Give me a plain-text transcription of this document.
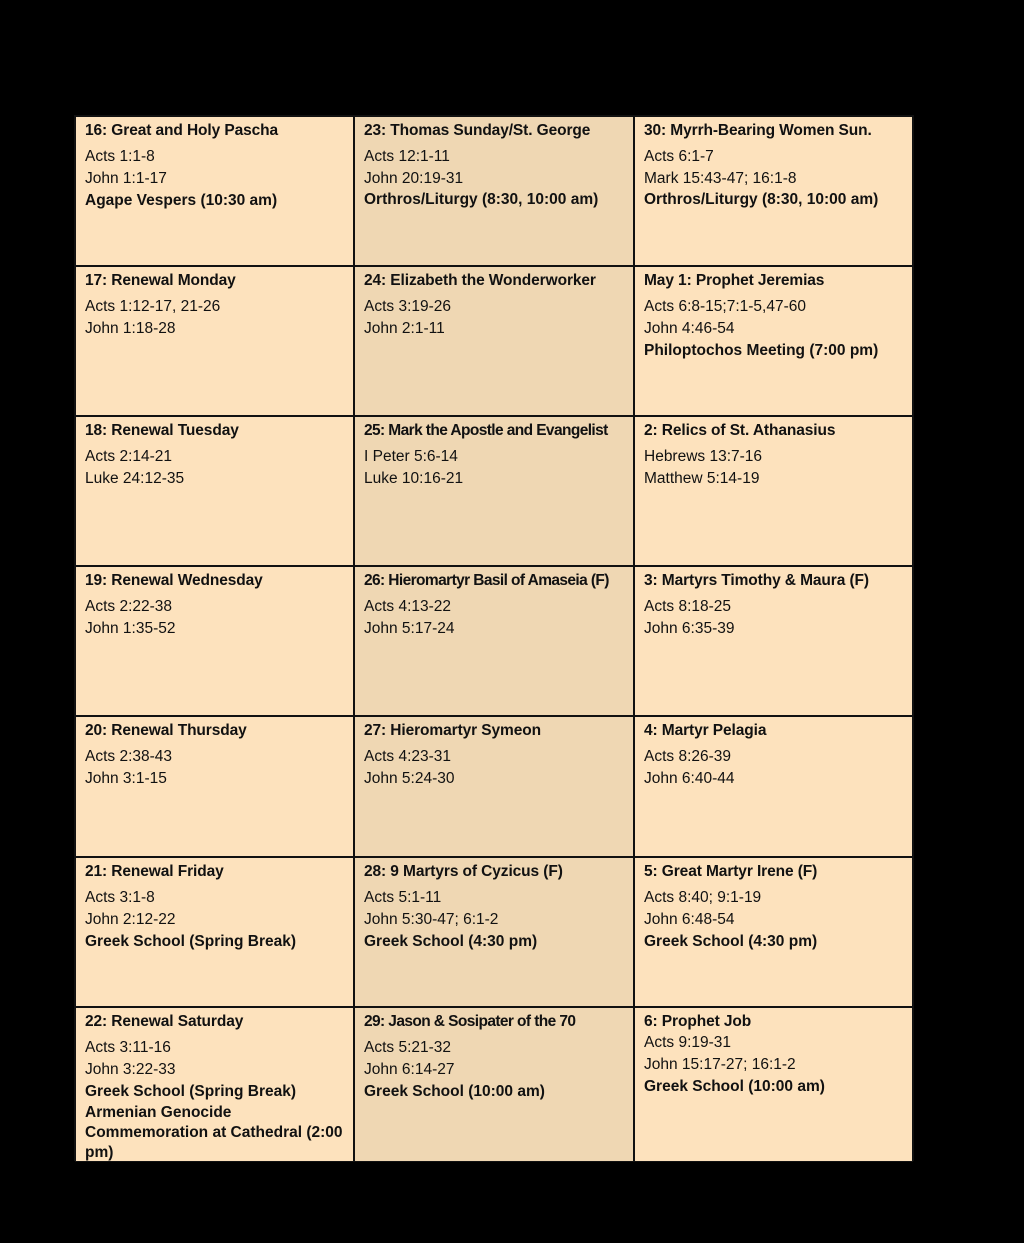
16: Great and Holy Pascha
Acts 1:1-8
John 1:1-17
Agape Vespers (10:30 am)
23: Thomas Sunday/St. George
Acts 12:1-11
John 20:19-31
Orthros/Liturgy (8:30, 10:00 am)
30: Myrrh-Bearing Women Sun.
Acts 6:1-7
Mark 15:43-47; 16:1-8
Orthros/Liturgy (8:30, 10:00 am)
17: Renewal Monday
Acts 1:12-17, 21-26
John 1:18-28
24: Elizabeth the Wonderworker
Acts 3:19-26
John 2:1-11
May 1: Prophet Jeremias
Acts 6:8-15;7:1-5,47-60
John 4:46-54
Philoptochos Meeting (7:00 pm)
18: Renewal Tuesday
Acts 2:14-21
Luke 24:12-35
25: Mark the Apostle and Evangelist
I Peter 5:6-14
Luke 10:16-21
2: Relics of St. Athanasius
Hebrews 13:7-16
Matthew 5:14-19
19: Renewal Wednesday
Acts 2:22-38
John 1:35-52
26: Hieromartyr Basil of Amaseia (F)
Acts 4:13-22
John 5:17-24
3: Martyrs Timothy & Maura (F)
Acts 8:18-25
John 6:35-39
20: Renewal Thursday
Acts 2:38-43
John 3:1-15
27: Hieromartyr Symeon
Acts 4:23-31
John 5:24-30
4: Martyr Pelagia
Acts 8:26-39
John 6:40-44
21: Renewal Friday
Acts 3:1-8
John 2:12-22
Greek School (Spring Break)
28: 9 Martyrs of Cyzicus (F)
Acts 5:1-11
John 5:30-47; 6:1-2
Greek School (4:30 pm)
5: Great Martyr Irene (F)
Acts 8:40; 9:1-19
John 6:48-54
Greek School (4:30 pm)
22: Renewal Saturday
Acts 3:11-16
John 3:22-33
Greek School (Spring Break)
Armenian Genocide Commemoration at Cathedral (2:00 pm)
29: Jason & Sosipater of the 70
Acts 5:21-32
John 6:14-27
Greek School (10:00 am)
6: Prophet Job
Acts 9:19-31
John 15:17-27; 16:1-2
Greek School (10:00 am)
